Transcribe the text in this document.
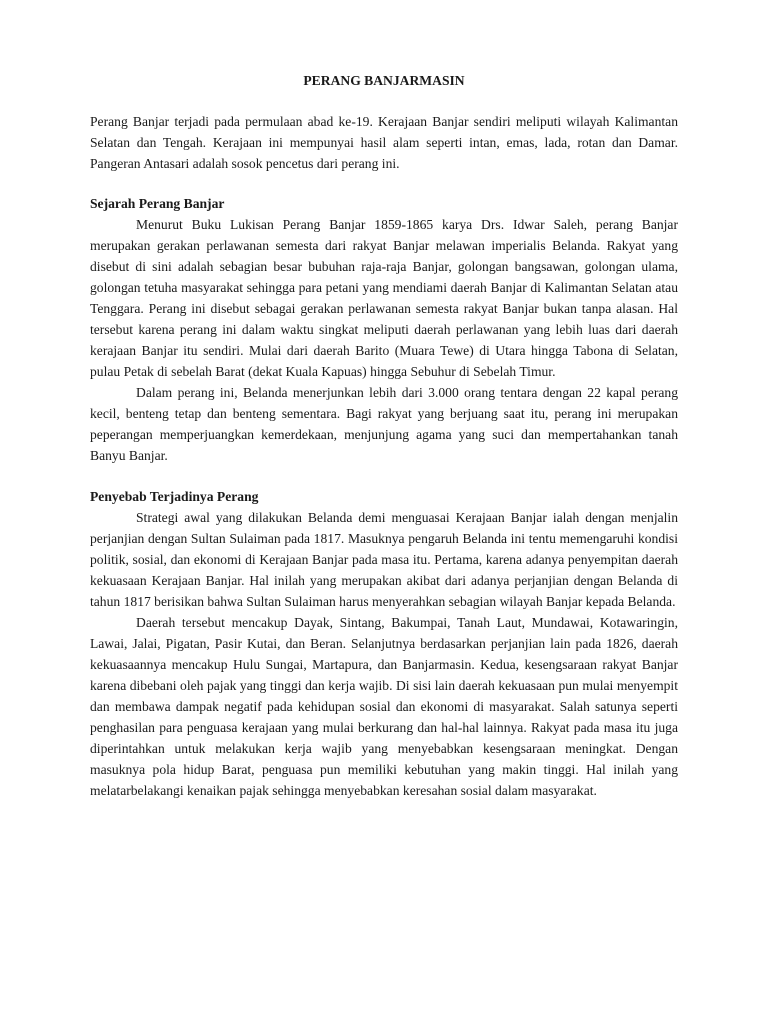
PERANG BANJARMASIN

Perang Banjar terjadi pada permulaan abad ke-19. Kerajaan Banjar sendiri meliputi wilayah Kalimantan Selatan dan Tengah. Kerajaan ini mempunyai hasil alam seperti intan, emas, lada, rotan dan Damar. Pangeran Antasari adalah sosok pencetus dari perang ini.

Sejarah Perang Banjar

Menurut Buku Lukisan Perang Banjar 1859-1865 karya Drs. Idwar Saleh, perang Banjar merupakan gerakan perlawanan semesta dari rakyat Banjar melawan imperialis Belanda. Rakyat yang disebut di sini adalah sebagian besar bubuhan raja-raja Banjar, golongan bangsawan, golongan ulama, golongan tetuha masyarakat sehingga para petani yang mendiami daerah Banjar di Kalimantan Selatan atau Tenggara. Perang ini disebut sebagai gerakan perlawanan semesta rakyat Banjar bukan tanpa alasan. Hal tersebut karena perang ini dalam waktu singkat meliputi daerah perlawanan yang lebih luas dari daerah kerajaan Banjar itu sendiri. Mulai dari daerah Barito (Muara Tewe) di Utara hingga Tabona di Selatan, pulau Petak di sebelah Barat (dekat Kuala Kapuas) hingga Sebuhur di Sebelah Timur.

Dalam perang ini, Belanda menerjunkan lebih dari 3.000 orang tentara dengan 22 kapal perang kecil, benteng tetap dan benteng sementara. Bagi rakyat yang berjuang saat itu, perang ini merupakan peperangan memperjuangkan kemerdekaan, menjunjung agama yang suci dan mempertahankan tanah Banyu Banjar.

Penyebab Terjadinya Perang

Strategi awal yang dilakukan Belanda demi menguasai Kerajaan Banjar ialah dengan menjalin perjanjian dengan Sultan Sulaiman pada 1817. Masuknya pengaruh Belanda ini tentu memengaruhi kondisi politik, sosial, dan ekonomi di Kerajaan Banjar pada masa itu. Pertama, karena adanya penyempitan daerah kekuasaan Kerajaan Banjar. Hal inilah yang merupakan akibat dari adanya perjanjian dengan Belanda di tahun 1817 berisikan bahwa Sultan Sulaiman harus menyerahkan sebagian wilayah Banjar kepada Belanda.

Daerah tersebut mencakup Dayak, Sintang, Bakumpai, Tanah Laut, Mundawai, Kotawaringin, Lawai, Jalai, Pigatan, Pasir Kutai, dan Beran. Selanjutnya berdasarkan perjanjian lain pada 1826, daerah kekuasaannya mencakup Hulu Sungai, Martapura, dan Banjarmasin. Kedua, kesengsaraan rakyat Banjar karena dibebani oleh pajak yang tinggi dan kerja wajib. Di sisi lain daerah kekuasaan pun mulai menyempit dan membawa dampak negatif pada kehidupan sosial dan ekonomi di masyarakat. Salah satunya seperti penghasilan para penguasa kerajaan yang mulai berkurang dan hal-hal lainnya. Rakyat pada masa itu juga diperintahkan untuk melakukan kerja wajib yang menyebabkan kesengsaraan meningkat. Dengan masuknya pola hidup Barat, penguasa pun memiliki kebutuhan yang makin tinggi. Hal inilah yang melatarbelakangi kenaikan pajak sehingga menyebabkan keresahan sosial dalam masyarakat.
